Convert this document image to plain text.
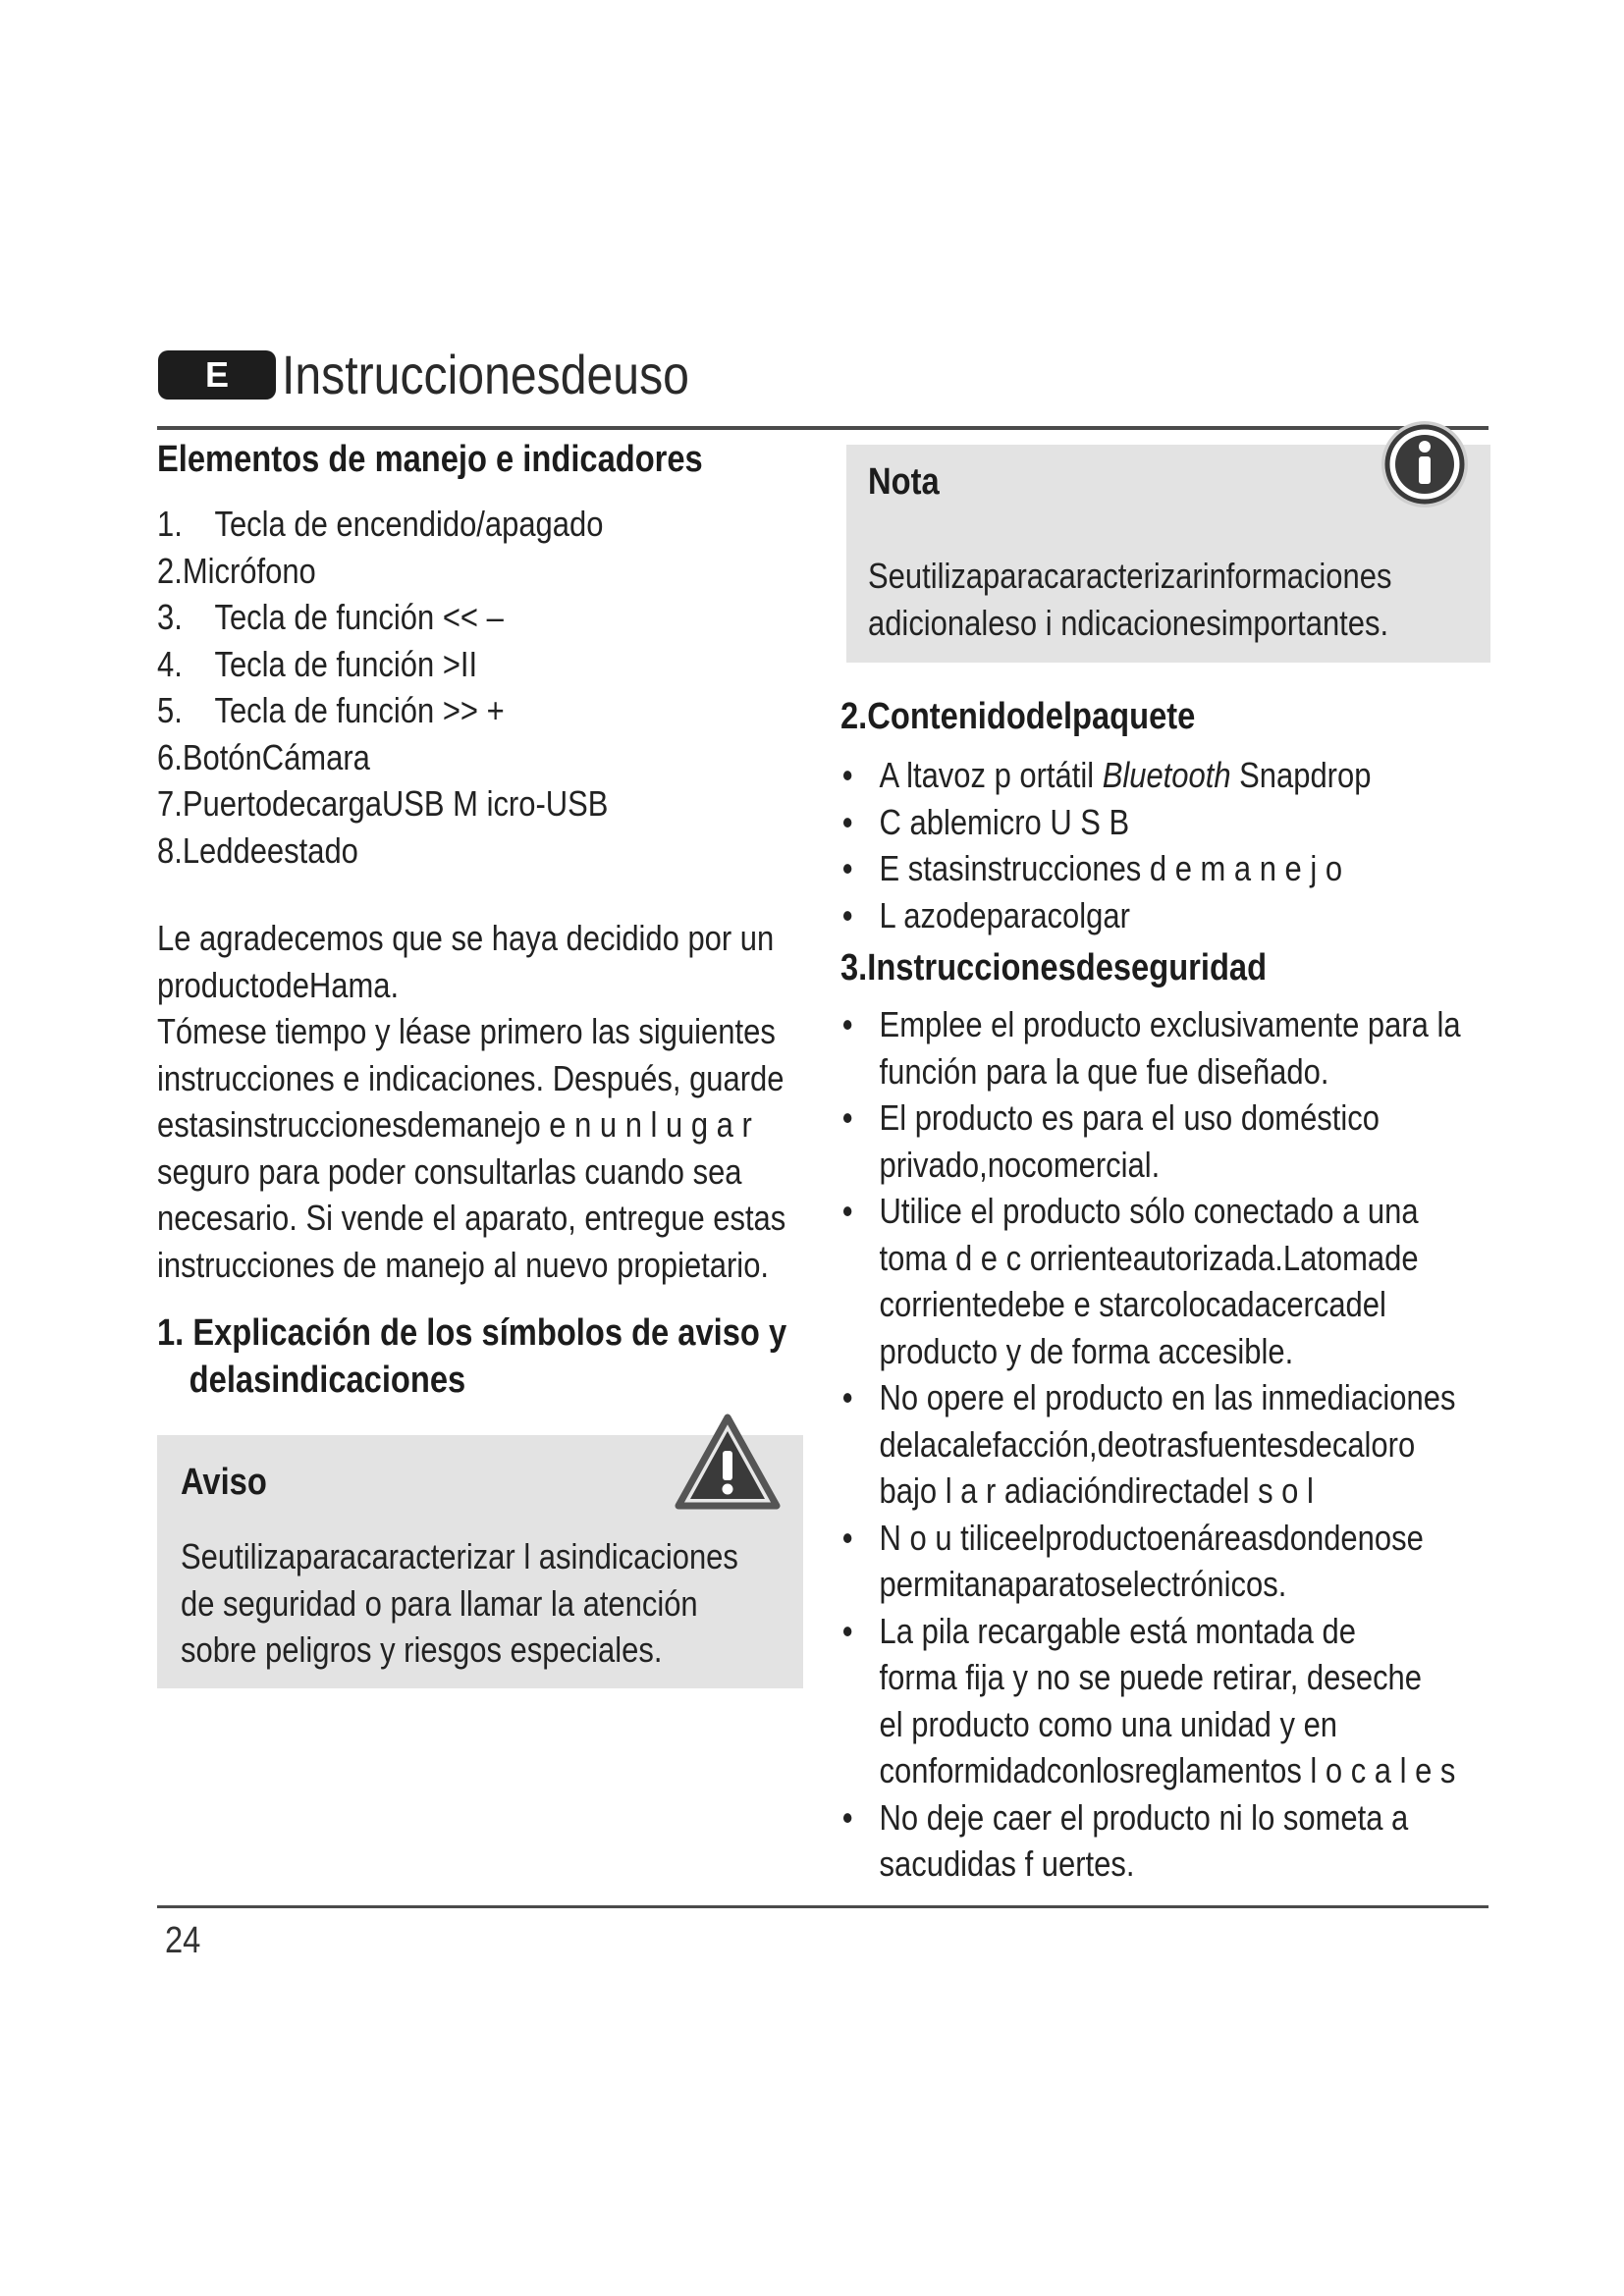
E Instruccionesdeuso
Elementos de manejo e indicadores
1. Tecla de encendido/apagado
2. Micrófono
3. Tecla de función << –
4. Tecla de función >II
5. Tecla de función >> +
6. BotónCámara
7. PuertodecargaUSB M icro-USB
8. Leddeestado
Le agradecemos que se haya decidido por un
productodeHama.
Tómese tiempo y léase primero las siguientes
instrucciones e indicaciones. Después, guarde
estasinstruccionesdemanejo e n u n l u g a r
seguro para poder consultarlas cuando sea
necesario. Si vende el aparato, entregue estas
instrucciones de manejo al nuevo propietario.
1. Explicación de los símbolos de aviso y
delasindicaciones
Aviso
Seutilizaparacaracterizar l asindicaciones
de seguridad o para llamar la atención
sobre peligros y riesgos especiales.
Nota
Seutilizaparacaracterizarinformaciones
adicionaleso i ndicacionesimportantes.
2.Contenidodelpaquete
• A ltavoz p ortátil Bluetooth Snapdrop
• C ablemicro U S B
• E stasinstrucciones d e m a n e j o
• L azodeparacolgar
3.Instruccionesdeseguridad
• Emplee el producto exclusivamente para la
función para la que fue diseñado.
• El producto es para el uso doméstico
privado,nocomercial.
• Utilice el producto sólo conectado a una
toma d e c orrienteautorizada.Latomade
corrientedebe e starcolocadacercadel
producto y de forma accesible.
• No opere el producto en las inmediaciones
delacalefacción,deotrasfuentesdecaloro
bajo l a r adiacióndirectadel s o l
• N o u tiliceelproductoenáreasdondenose
permitanaparatoselectrónicos.
• La pila recargable está montada de
forma fija y no se puede retirar, deseche
el producto como una unidad y en
conformidadconlosreglamentos l o c a l e s
• No deje caer el producto ni lo someta a
sacudidas f uertes.
24
